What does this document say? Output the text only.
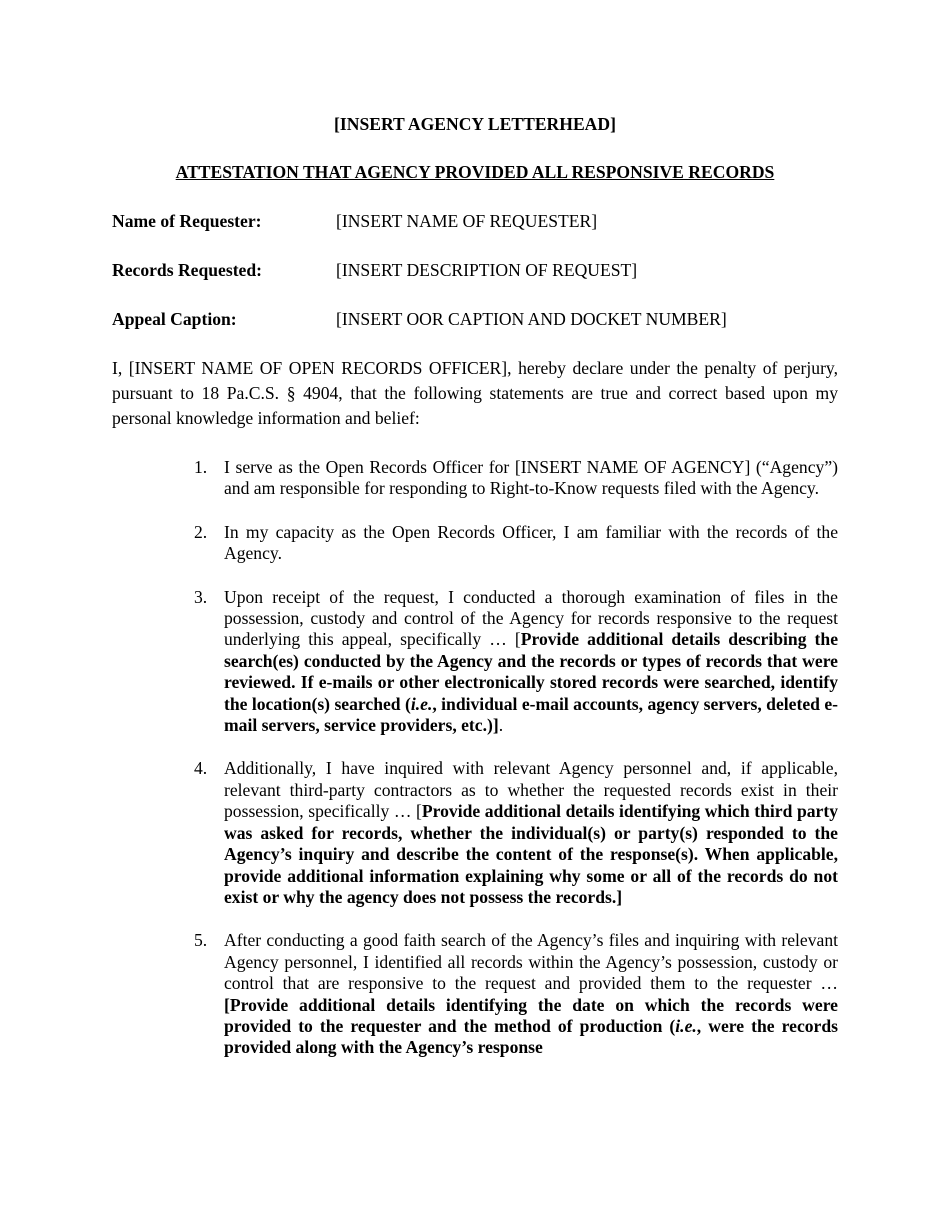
[INSERT AGENCY LETTERHEAD]
ATTESTATION THAT AGENCY PROVIDED ALL RESPONSIVE RECORDS
Name of Requester:	[INSERT NAME OF REQUESTER]
Records Requested:	[INSERT DESCRIPTION OF REQUEST]
Appeal Caption:	[INSERT OOR CAPTION AND DOCKET NUMBER]
I, [INSERT NAME OF OPEN RECORDS OFFICER], hereby declare under the penalty of perjury, pursuant to 18 Pa.C.S. § 4904, that the following statements are true and correct based upon my personal knowledge information and belief:
1. I serve as the Open Records Officer for [INSERT NAME OF AGENCY] (“Agency”) and am responsible for responding to Right-to-Know requests filed with the Agency.
2. In my capacity as the Open Records Officer, I am familiar with the records of the Agency.
3. Upon receipt of the request, I conducted a thorough examination of files in the possession, custody and control of the Agency for records responsive to the request underlying this appeal, specifically … [Provide additional details describing the search(es) conducted by the Agency and the records or types of records that were reviewed. If e-mails or other electronically stored records were searched, identify the location(s) searched (i.e., individual e-mail accounts, agency servers, deleted e-mail servers, service providers, etc.)].
4. Additionally, I have inquired with relevant Agency personnel and, if applicable, relevant third-party contractors as to whether the requested records exist in their possession, specifically … [Provide additional details identifying which third party was asked for records, whether the individual(s) or party(s) responded to the Agency’s inquiry and describe the content of the response(s). When applicable, provide additional information explaining why some or all of the records do not exist or why the agency does not possess the records.]
5. After conducting a good faith search of the Agency’s files and inquiring with relevant Agency personnel, I identified all records within the Agency’s possession, custody or control that are responsive to the request and provided them to the requester … [Provide additional details identifying the date on which the records were provided to the requester and the method of production (i.e., were the records provided along with the Agency’s response
